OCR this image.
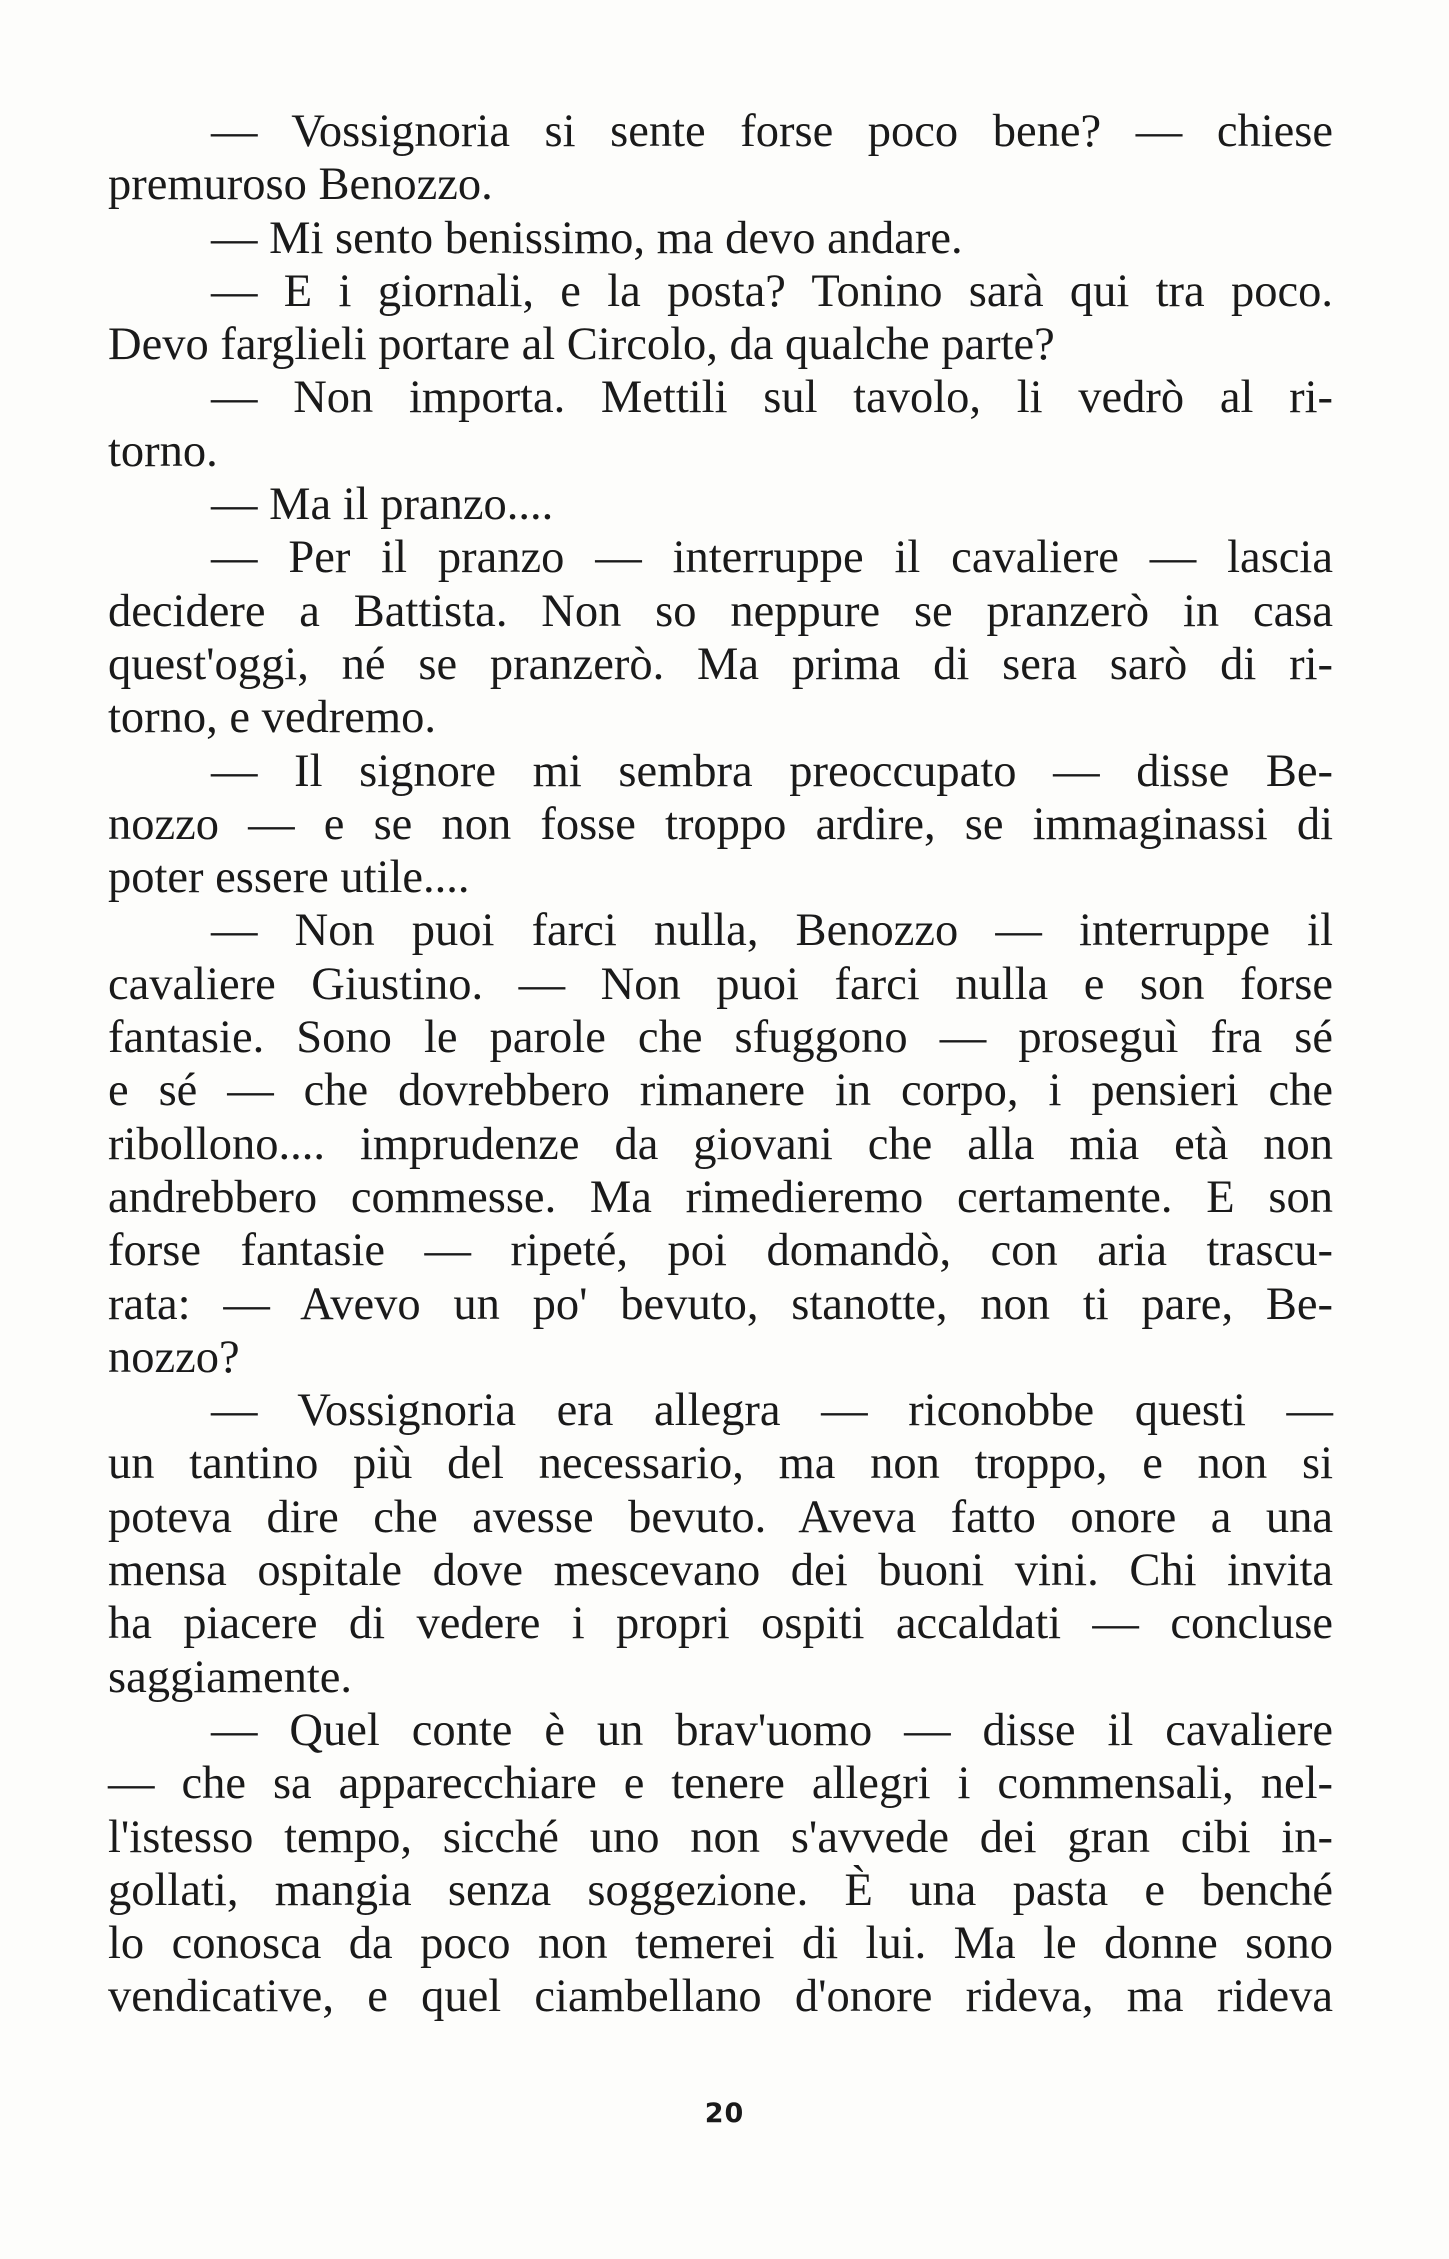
— Vossignoria si sente forse poco bene? — chiese
premuroso Benozzo.
— Mi sento benissimo, ma devo andare.
— E i giornali, e la posta? Tonino sarà qui tra poco.
Devo farglieli portare al Circolo, da qualche parte?
— Non importa. Mettili sul tavolo, li vedrò al ri-
torno.
— Ma il pranzo....
— Per il pranzo — interruppe il cavaliere — lascia
decidere a Battista. Non so neppure se pranzerò in casa
quest'oggi, né se pranzerò. Ma prima di sera sarò di ri-
torno, e vedremo.
— Il signore mi sembra preoccupato — disse Be-
nozzo — e se non fosse troppo ardire, se immaginassi di
poter essere utile....
— Non puoi farci nulla, Benozzo — interruppe il
cavaliere Giustino. — Non puoi farci nulla e son forse
fantasie. Sono le parole che sfuggono — proseguì fra sé
e sé — che dovrebbero rimanere in corpo, i pensieri che
ribollono.... imprudenze da giovani che alla mia età non
andrebbero commesse. Ma rimedieremo certamente. E son
forse fantasie — ripeté, poi domandò, con aria trascu-
rata: — Avevo un po' bevuto, stanotte, non ti pare, Be-
nozzo?
— Vossignoria era allegra — riconobbe questi —
un tantino più del necessario, ma non troppo, e non si
poteva dire che avesse bevuto. Aveva fatto onore a una
mensa ospitale dove mescevano dei buoni vini. Chi invita
ha piacere di vedere i propri ospiti accaldati — concluse
saggiamente.
— Quel conte è un brav'uomo — disse il cavaliere
— che sa apparecchiare e tenere allegri i commensali, nel-
l'istesso tempo, sicché uno non s'avvede dei gran cibi in-
gollati, mangia senza soggezione. È una pasta e benché
lo conosca da poco non temerei di lui. Ma le donne sono
vendicative, e quel ciambellano d'onore rideva, ma rideva
20
